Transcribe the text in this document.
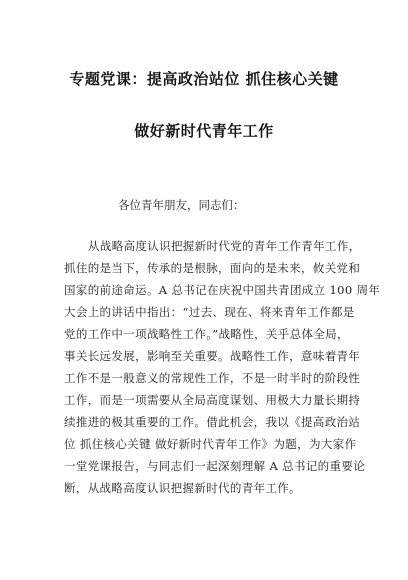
专题党课：提高政治站位 抓住核心关键
做好新时代青年工作
各位青年朋友，同志们：
从战略高度认识把握新时代党的青年工作青年工作，
抓住的是当下，传承的是根脉，面向的是未来，攸关党和
国家的前途命运。A 总书记在庆祝中国共青团成立 100 周年
大会上的讲话中指出：“过去、现在、将来青年工作都是
党的工作中一项战略性工作。”战略性，关乎总体全局，
事关长远发展，影响至关重要。战略性工作，意味着青年
工作不是一般意义的常规性工作，不是一时半时的阶段性
工作，而是一项需要从全局高度谋划、用极大力量长期持
续推进的极其重要的工作。借此机会，我以《提高政治站
位 抓住核心关键 做好新时代青年工作》为题，为大家作
一堂党课报告，与同志们一起深刻理解 A 总书记的重要论
断，从战略高度认识把握新时代的青年工作。
